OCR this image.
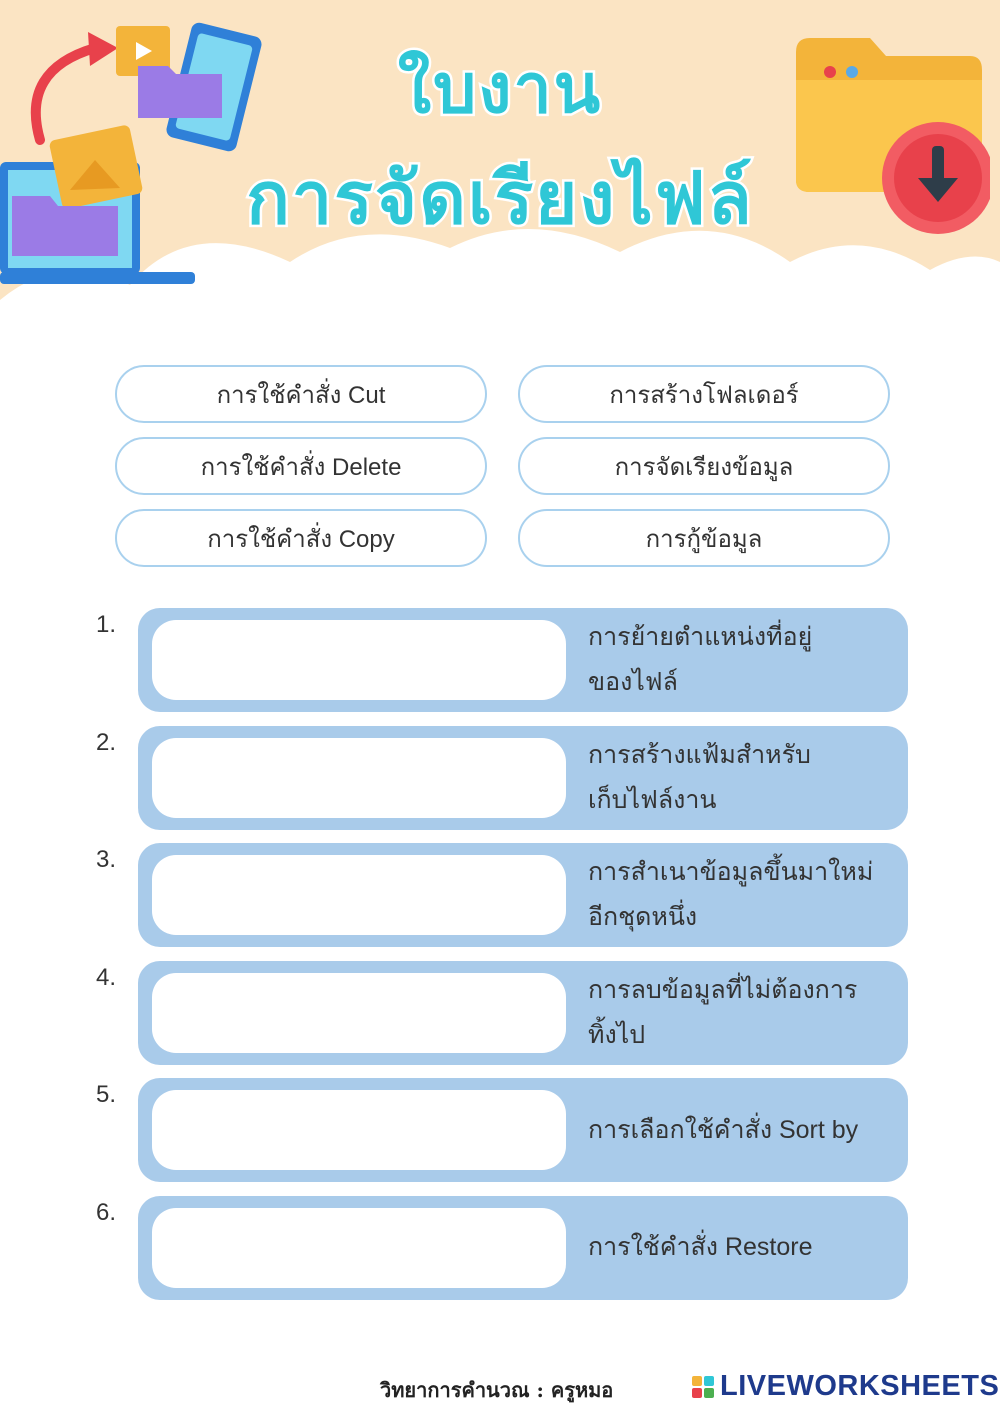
ใบงาน
การจัดเรียงไฟล์
การใช้คำสั่ง Cut	การสร้างโฟลเดอร์
การใช้คำสั่ง Delete	การจัดเรียงข้อมูล
การใช้คำสั่ง Copy	การกู้ข้อมูล
1.	การย้ายตำแหน่งที่อยู่
ของไฟล์
2.	การสร้างแฟ้มสำหรับ
เก็บไฟล์งาน
3.	การสำเนาข้อมูลขึ้นมาใหม่
อีกชุดหนึ่ง
4.	การลบข้อมูลที่ไม่ต้องการ
ทิ้งไป
5.
การเลือกใช้คำสั่ง Sort by
6.
การใช้คำสั่ง Restore
วิทยาการคำนวณ : ครูหมอ	LIVEWORKSHEETS
